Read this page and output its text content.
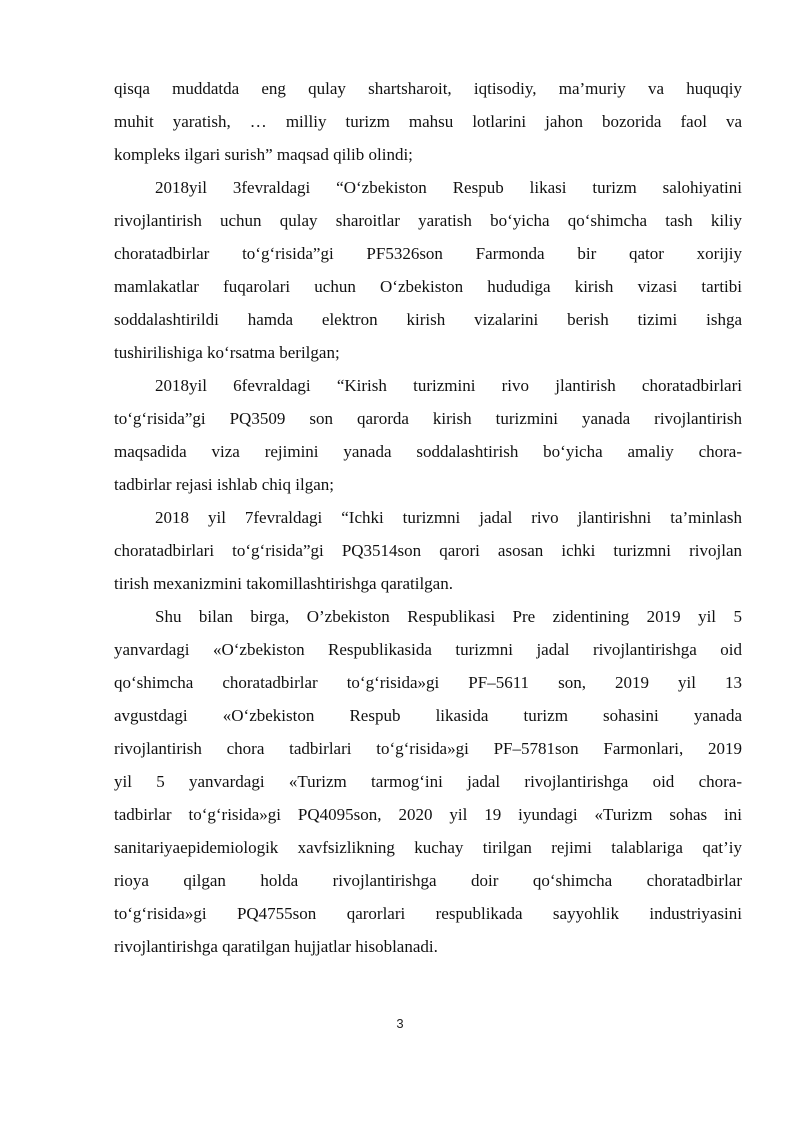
qisqa muddatda eng qulay shartsharoit, iqtisodiy, ma’muriy va huquqiy
muhit yaratish, … milliy turizm mahsu lotlarini jahon bozorida faol va
kompleks ilgari surish” maqsad qilib olindi;
2018yil 3fevraldagi “O‘zbekiston Respub likasi turizm salohiyatini
rivojlantirish uchun qulay sharoitlar yaratish bo‘yicha qo‘shimcha tash kiliy
choratadbirlar to‘g‘risida”gi PF5326son Farmonda bir qator xorijiy
mamlakatlar fuqarolari uchun O‘zbekiston hududiga kirish vizasi tartibi
soddalashtirildi hamda elektron kirish vizalarini berish tizimi ishga
tushirilishiga ko‘rsatma berilgan;
2018yil 6fevraldagi “Kirish turizmini rivo jlantirish choratadbirlari
to‘g‘risida”gi PQ3509 son qarorda kirish turizmini yanada rivojlantirish
maqsadida viza rejimini yanada soddalashtirish bo‘yicha amaliy chora-
tadbirlar rejasi ishlab chiq ilgan;
2018 yil 7fevraldagi “Ichki turizmni jadal rivo jlantirishni ta’minlash
choratadbirlari to‘g‘risida”gi PQ3514son qarori asosan ichki turizmni rivojlan
tirish mexanizmini takomillashtirishga qaratilgan.
Shu bilan birga, O’zbekiston Respublikasi Pre zidentining 2019 yil 5
yanvardagi «O‘zbekiston Respublikasida turizmni jadal rivojlantirishga oid
qo‘shimcha choratadbirlar to‘g‘risida»gi PF–5611 son, 2019 yil 13
avgustdagi «O‘zbekiston Respub likasida turizm sohasini yanada
rivojlantirish chora tadbirlari to‘g‘risida»gi PF–5781son Farmonlari, 2019
yil 5 yanvardagi «Turizm tarmog‘ini jadal rivojlantirishga oid chora-
tadbirlar to‘g‘risida»gi PQ4095son, 2020 yil 19 iyundagi «Turizm sohas ini
sanitariyaepidemiologik xavfsizlikning kuchay tirilgan rejimi talablariga qat’iy
rioya qilgan holda rivojlantirishga doir qo‘shimcha choratadbirlar
to‘g‘risida»gi PQ4755son qarorlari respublikada sayyohlik industriyasini
rivojlantirishga qaratilgan hujjatlar hisoblanadi.
3
